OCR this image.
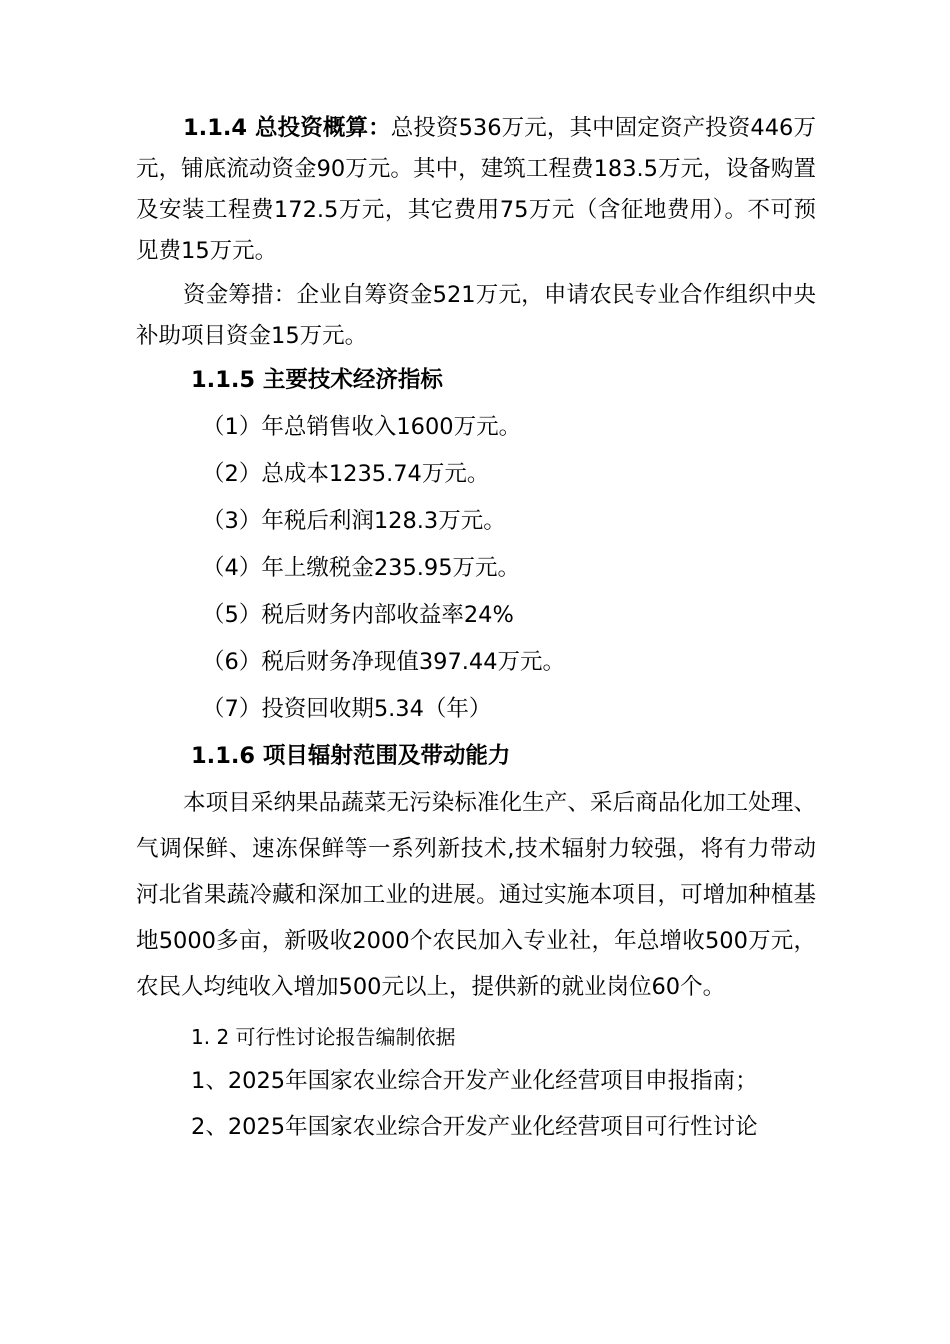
1.1.4 总投资概算：总投资536万元，其中固定资产投资446万元，铺底流动资金90万元。其中，建筑工程费183.5万元，设备购置及安装工程费172.5万元，其它费用75万元（含征地费用）。不可预见费15万元。

资金筹措：企业自筹资金521万元，申请农民专业合作组织中央补助项目资金15万元。

1.1.5 主要技术经济指标

（1）年总销售收入1600万元。

（2）总成本1235.74万元。

（3）年税后利润128.3万元。

（4）年上缴税金235.95万元。

（5）税后财务内部收益率24%

（6）税后财务净现值397.44万元。

（7）投资回收期5.34（年）

1.1.6 项目辐射范围及带动能力

本项目采纳果品蔬菜无污染标准化生产、采后商品化加工处理、气调保鲜、速冻保鲜等一系列新技术,技术辐射力较强，将有力带动河北省果蔬冷藏和深加工业的进展。通过实施本项目，可增加种植基地5000多亩，新吸收2000个农民加入专业社，年总增收500万元，农民人均纯收入增加500元以上，提供新的就业岗位60个。

1. 2 可行性讨论报告编制依据

1、2025年国家农业综合开发产业化经营项目申报指南；

2、2025年国家农业综合开发产业化经营项目可行性讨论
